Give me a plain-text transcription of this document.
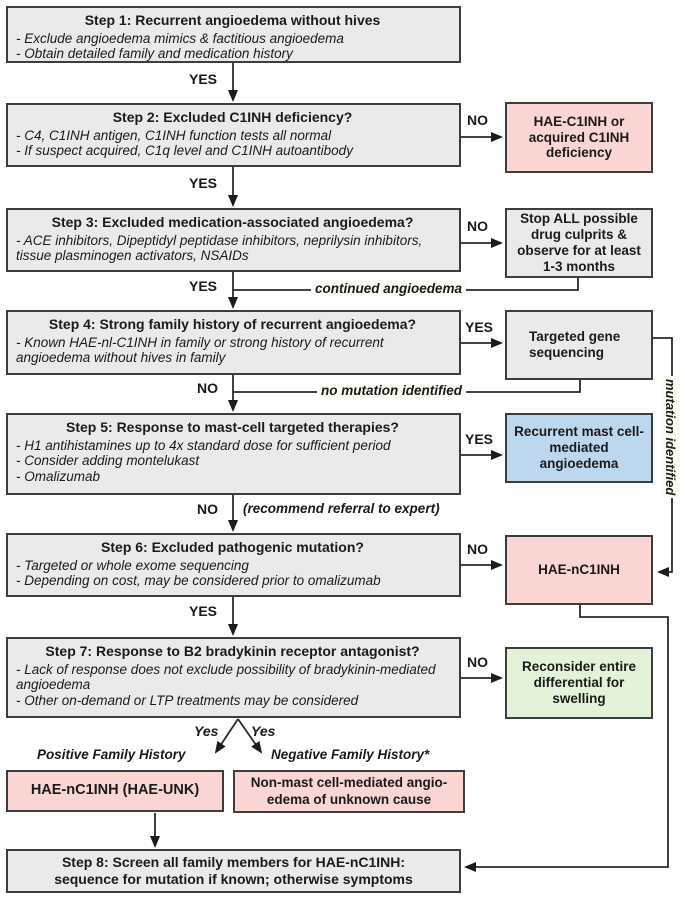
Step 1: Recurrent angioedema without hives
- Exclude angioedema mimics & factitious angioedema
- Obtain detailed family and medication history
Step 2: Excluded C1INH deficiency?
- C4, C1INH antigen, C1INH function tests all normal
- If suspect acquired, C1q level and C1INH autoantibody
Step 3: Excluded medication-associated angioedema?
- ACE inhibitors, Dipeptidyl peptidase inhibitors, neprilysin inhibitors, tissue plasminogen activators, NSAIDs
Step 4: Strong family history of recurrent angioedema?
- Known HAE-nl-C1INH in family or strong history of recurrent angioedema without hives in family
Step 5: Response to mast-cell targeted therapies?
- H1 antihistamines up to 4x standard dose for sufficient period
- Consider adding montelukast
- Omalizumab
Step 6: Excluded pathogenic mutation?
- Targeted or whole exome sequencing
- Depending on cost, may be considered prior to omalizumab
Step 7: Response to B2 bradykinin receptor antagonist?
- Lack of response does not exclude possibility of bradykinin-mediated angioedema
- Other on-demand or LTP treatments may be considered
HAE-C1INH or acquired C1INH deficiency
Stop ALL possible drug culprits & observe for at least 1-3 months
Targeted gene sequencing
Recurrent mast cell-mediated angioedema
HAE-nC1INH
Reconsider entire differential for swelling
HAE-nC1INH (HAE-UNK)	Non-mast cell-mediated angio-
edema of unknown cause
Step 8: Screen all family members for HAE-nC1INH:
sequence for mutation if known; otherwise symptoms
YES
YES
YES
NO
NO
YES
NO
NO
YES
YES
NO
NO
continued angioedema
no mutation identified
(recommend referral to expert)
mutation identified
Yes Yes
Positive Family History	Negative Family History*
